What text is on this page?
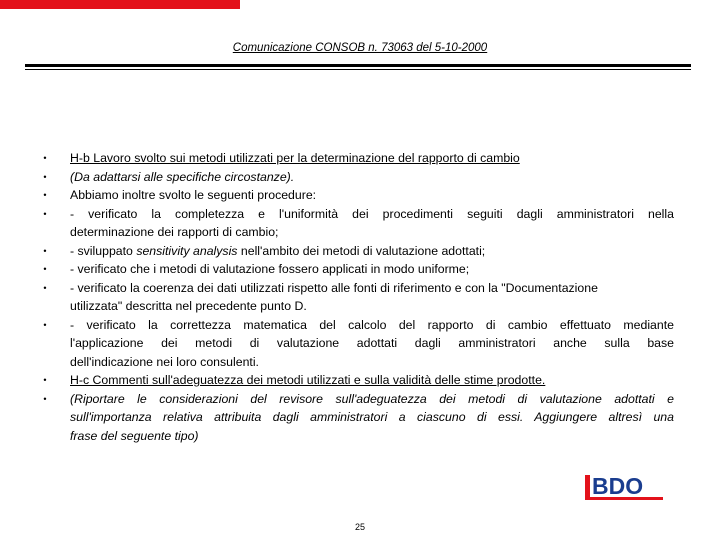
Comunicazione CONSOB n. 73063 del 5-10-2000
•
•
•
•
•
•
•
•
•
•
H-b Lavoro svolto sui metodi utilizzati per la determinazione del rapporto di cambio
(Da adattarsi alle specifiche circostanze).
Abbiamo inoltre svolto le seguenti procedure:
- verificato la completezza e l'uniformità dei procedimenti seguiti dagli amministratori nella
determinazione dei rapporti di cambio;
- sviluppato sensitivity analysis nell'ambito dei metodi di valutazione adottati;
- verificato che i metodi di valutazione fossero applicati in modo uniforme;
- verificato la coerenza dei dati utilizzati rispetto alle fonti di riferimento e con la "Documentazione
utilizzata" descritta nel precedente punto D.
- verificato la correttezza matematica del calcolo del rapporto di cambio effettuato mediante
l'applicazione dei metodi di valutazione adottati dagli amministratori anche sulla base
dell'indicazione nei loro consulenti.
H-c Commenti sull'adeguatezza dei metodi utilizzati e sulla validità delle stime prodotte.
(Riportare le considerazioni del revisore sull'adeguatezza dei metodi di valutazione adottati e
sull'importanza relativa attribuita dagli amministratori a ciascuno di essi. Aggiungere altresì una
frase del seguente tipo)
BDO
25
